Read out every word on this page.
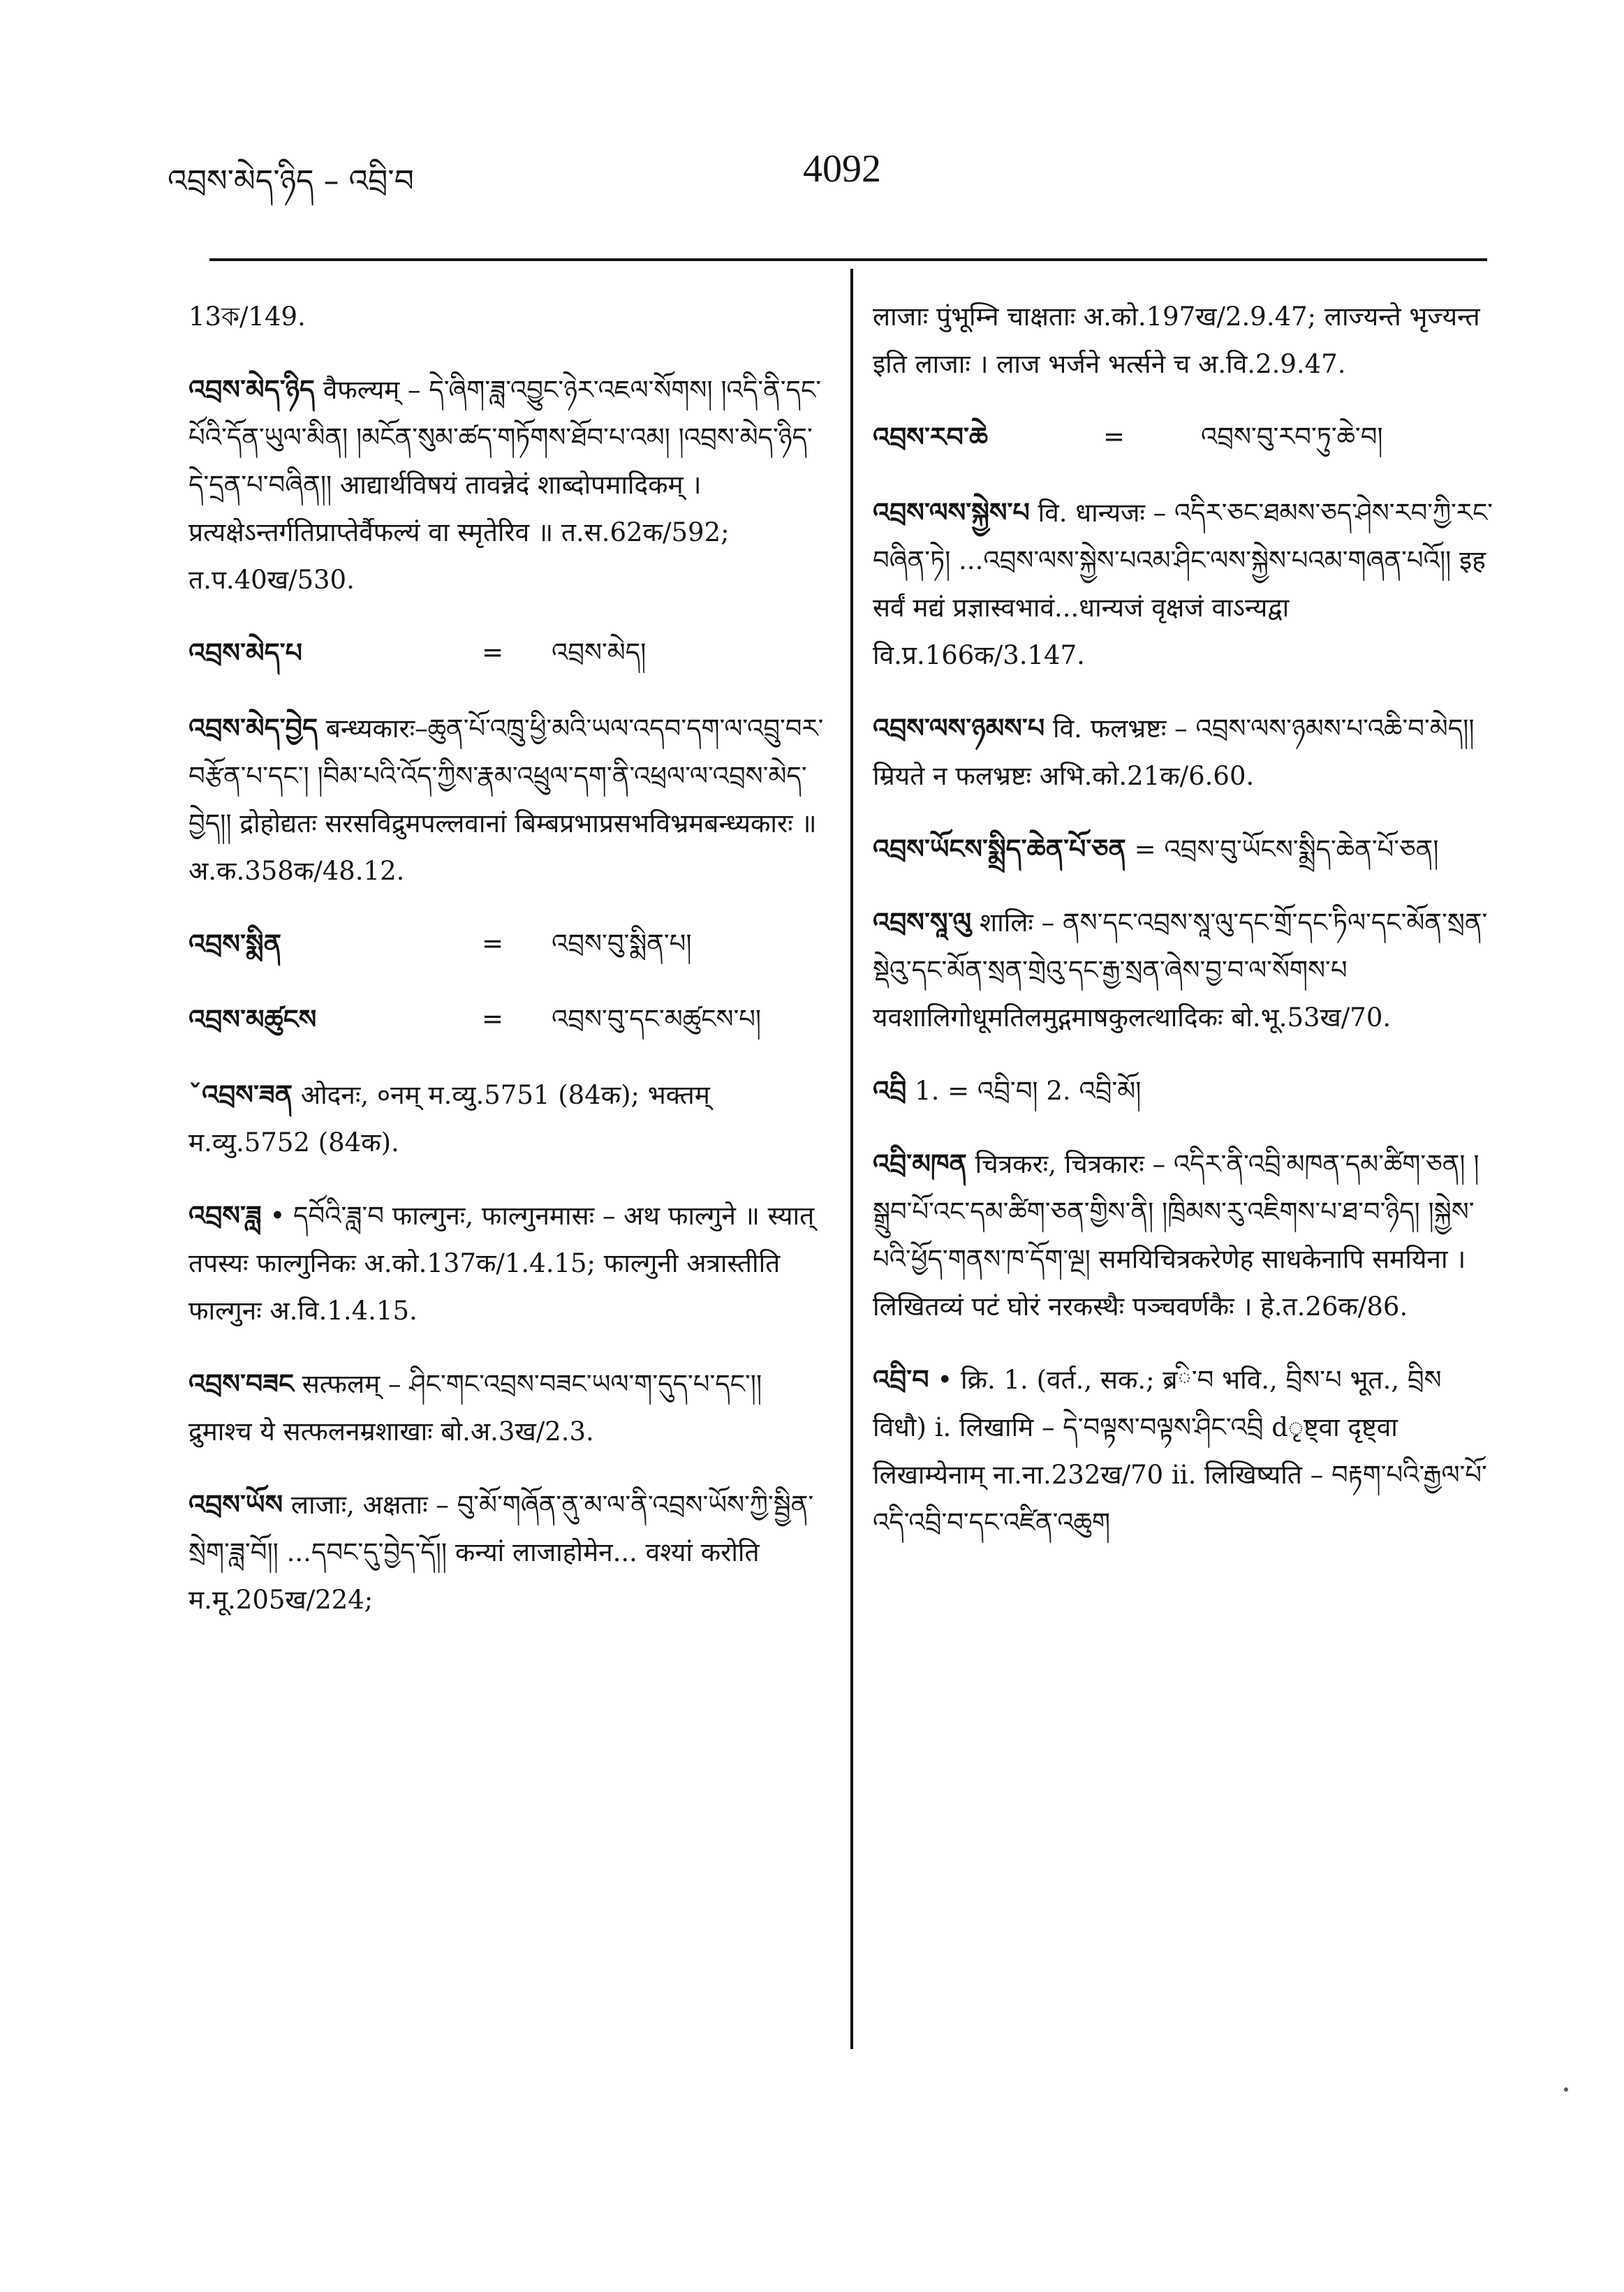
འབྲས་མེད་ཉིད – འབྲི་བ	4092

13ক/149.

འབྲས་མེད་ཉིད वैफल्यम् – དེ་ཞིག་ཟླ་འབྱུང་ཉེར་འཇལ་སོགས། །འདི་ནི་དང་པོའི་དོན་ཡུལ་མིན། །མངོན་སུམ་ཚད་གཏོགས་ཐོབ་པ་འམ། །འབྲས་མེད་ཉིད་དེ་དྲན་པ་བཞིན།། आद्यार्थविषयं तावन्नेदं शाब्दोपमादिकम् । प्रत्यक्षेऽन्तर्गतिप्राप्तेर्वैफल्यं वा स्मृतेरिव ॥ त.स.62क/592; त.प.40ख/530.

འབྲས་མེད་པ	= འབྲས་མེད།

འབྲས་མེད་བྱེད बन्ध्यकारः–ཆུན་པོ་འཁྲུ་ཕྱི་མའི་ཡལ་འདབ་དག་ལ་འབྲུ་བར་བརྩོན་པ་དང་། །བིམ་པའི་འོད་ཀྱིས་རྣམ་འཕྲུལ་དག་ནི་འཕྲལ་ལ་འབྲས་མེད་བྱེད།། द्रोहोद्यतः सरसविद्रुमपल्लवानां बिम्बप्रभाप्रसभविभ्रमबन्ध्यकारः ॥ अ.क.358क/48.12.

འབྲས་སྨིན	= འབྲས་བུ་སྨིན་པ།
འབྲས་མཚུངས	= འབྲས་བུ་དང་མཚུངས་པ།

ˇའབྲས་ཟན ओदनः, ०नम् म.व्यु.5751 (84क); भक्तम् म.व्यु.5752 (84क).

འབྲས་ཟླ • དབོའི་ཟླ་བ फाल्गुनः, फाल्गुनमासः – अथ फाल्गुने ॥ स्यात् तपस्यः फाल्गुनिकः अ.को.137क/1.4.15; फाल्गुनी अत्रास्तीति फाल्गुनः अ.वि.1.4.15.

འབྲས་བཟང सत्फलम् – ཤིང་གང་འབྲས་བཟང་ཡལ་ག་དུད་པ་དང་།། द्रुमाश्च ये सत्फलनम्रशाखाः बो.अ.3ख/2.3.

འབྲས་ཡོས लाजाः, अक्षताः – བུ་མོ་གཞོན་ནུ་མ་ལ་ནི་འབྲས་ཡོས་ཀྱི་སྦྱིན་སྲེག་ཟླ་བོ།། ...དབང་དུ་བྱེད་དོ།། कन्यां लाजाहोमेन... वश्यां करोति म.मू.205ख/224;

लाजाः पुंभूम्नि चाक्षताः अ.को.197ख/2.9.47; लाज्यन्ते भृज्यन्त इति लाजाः । लाज भर्जने भर्त्सने च अ.वि.2.9.47.

འབྲས་རབ་ཆེ	=	འབྲས་བུ་རབ་ཏུ་ཆེ་བ།

འབྲས་ལས་སྐྱེས་པ वि. धान्यजः – འདིར་ཅང་ཐམས་ཅད་ཤེས་རབ་ཀྱི་རང་བཞིན་ཏེ། ...འབྲས་ལས་སྐྱེས་པའམ་ཤིང་ལས་སྐྱེས་པའམ་གཞན་པའོ།། इह सर्वं मद्यं प्रज्ञास्वभावं...धान्यजं वृक्षजं वाऽन्यद्वा वि.प्र.166क/3.147.

འབྲས་ལས་ཉམས་པ वि. फलभ्रष्टः – འབྲས་ལས་ཉམས་པ་འཆི་བ་མེད།། म्रियते न फलभ्रष्टः अभि.को.21क/6.60.

འབྲས་ཡོངས་སྨྲིད་ཆེན་པོ་ཅན = འབྲས་བུ་ཡོངས་སྨྲིད་ཆེན་པོ་ཅན།

འབྲས་སཱ་ལུ शालिः – ནས་དང་འབྲས་སཱ་ལུ་དང་གྲོ་དང་ཏིལ་དང་མོན་སྲན་སྡེའུ་དང་མོན་སྲན་གྲེའུ་དང་རྒྱ་སྲན་ཞེས་བྱ་བ་ལ་སོགས་པ यवशालिगोधूमतिलमुद्गमाषकुलत्थादिकः बो.भू.53ख/70.

འབྲི 1. = འབྲི་བ། 2. འབྲི་མོ།

འབྲི་མཁན चित्रकरः, चित्रकारः – འདིར་ནི་འབྲི་མཁན་དམ་ཚིག་ཅན། །སྒྲུབ་པོ་འང་དམ་ཚིག་ཅན་གྱིས་ནི། །ཁྲིམས་རུ་འཇིགས་པ་ཐ་བ་ཉིད། །སྐྱེས་པའི་ཕྱོད་གནས་ཁ་དོག་ལྔ། समयिचित्रकरेणेह साधकेनापि समयिना । लिखितव्यं पटं घोरं नरकस्थैः पञ्चवर्णकैः । हे.त.26क/86.

འབྲི་བ • क्रि. 1. (वर्त., सक.; ब्रི་བ भवि., བྲིས་པ भूत., བྲིས विधौ) i. लिखामि – དེ་བལྟས་བལྟས་ཤིང་འབྲི dृष्ट्वा दृष्ट्वा लिखाम्येनाम् ना.ना.232ख/70 ii. लिखिष्यति – བརྟག་པའི་རྒྱལ་པོ་འདི་འབྲི་བ་དང་འཛིན་འཆུག
